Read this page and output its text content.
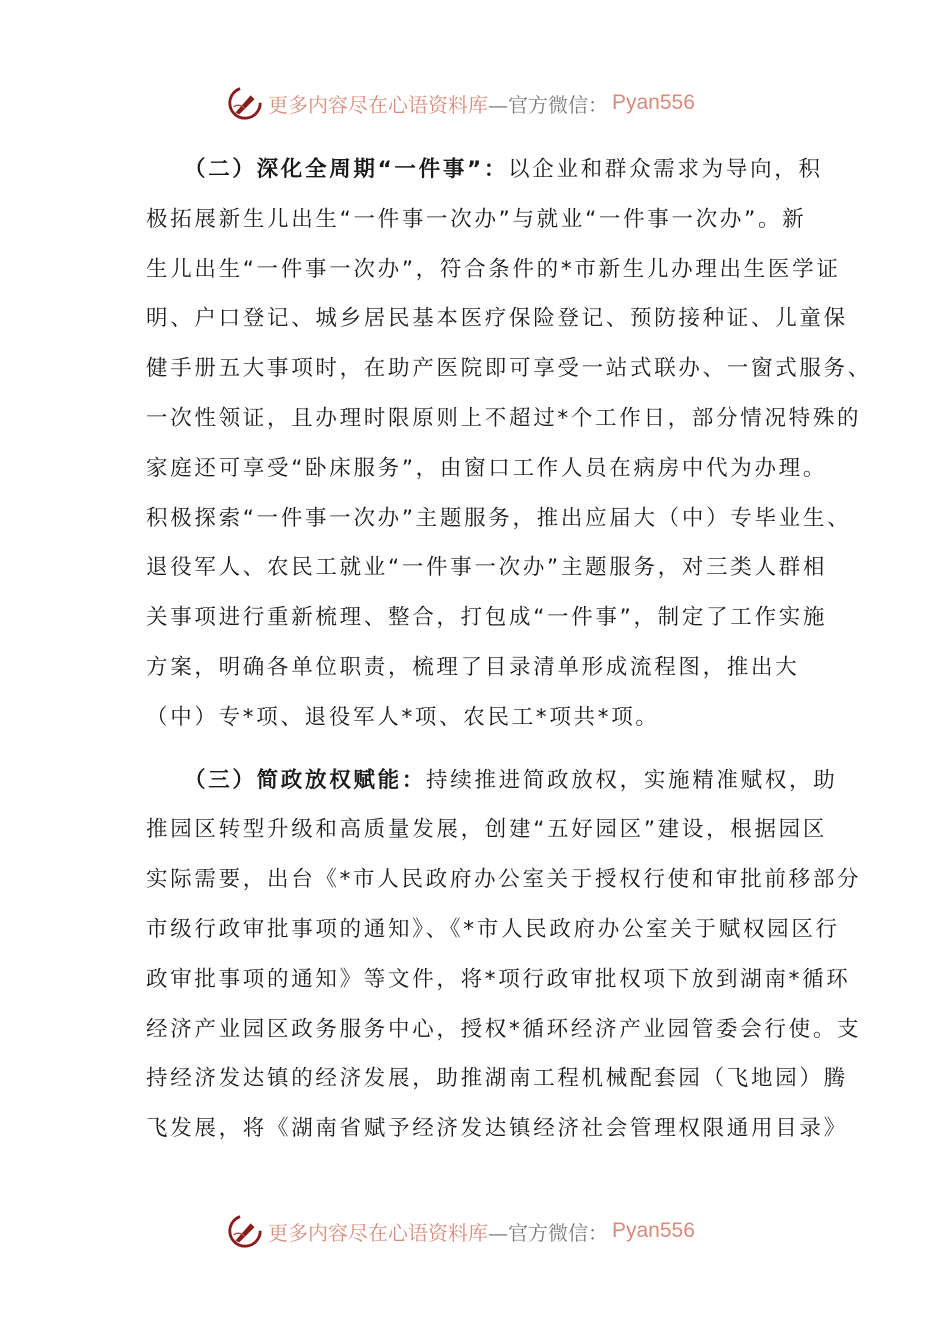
更多内容尽在心语资料库 —官方微信： Pyan556
（二）深化全周期“一件事”：以企业和群众需求为导向，积
极拓展新生儿出生“一件事一次办”与就业“一件事一次办”。新
生儿出生“一件事一次办”，符合条件的*市新生儿办理出生医学证
明、户口登记、城乡居民基本医疗保险登记、预防接种证、儿童保
健手册五大事项时，在助产医院即可享受一站式联办、一窗式服务、
一次性领证，且办理时限原则上不超过*个工作日，部分情况特殊的
家庭还可享受“卧床服务”，由窗口工作人员在病房中代为办理。
积极探索“一件事一次办”主题服务，推出应届大（中）专毕业生、
退役军人、农民工就业“一件事一次办”主题服务，对三类人群相
关事项进行重新梳理、整合，打包成“一件事”，制定了工作实施
方案，明确各单位职责，梳理了目录清单形成流程图，推出大
（中）专*项、退役军人*项、农民工*项共*项。
（三）简政放权赋能：持续推进简政放权，实施精准赋权，助
推园区转型升级和高质量发展，创建“五好园区”建设，根据园区
实际需要，出台《*市人民政府办公室关于授权行使和审批前移部分
市级行政审批事项的通知》、《*市人民政府办公室关于赋权园区行
政审批事项的通知》等文件，将*项行政审批权项下放到湖南*循环
经济产业园区政务服务中心，授权*循环经济产业园管委会行使。支
持经济发达镇的经济发展，助推湖南工程机械配套园（飞地园）腾
飞发展，将《湖南省赋予经济发达镇经济社会管理权限通用目录》
更多内容尽在心语资料库 —官方微信： Pyan556
